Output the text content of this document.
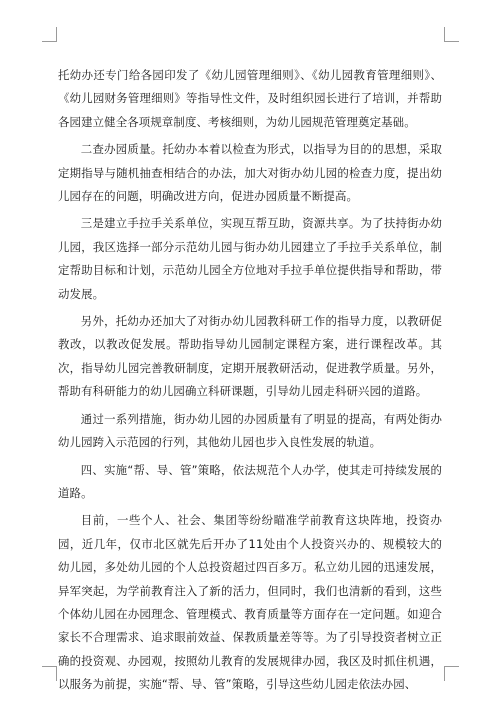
托幼办还专门给各园印发了《幼儿园管理细则》、《幼儿园教育管理细则》、《幼儿园财务管理细则》等指导性文件，及时组织园长进行了培训，并帮助各园建立健全各项规章制度、考核细则，为幼儿园规范管理奠定基础。

二查办园质量。托幼办本着以检查为形式，以指导为目的的思想，采取定期指导与随机抽查相结合的办法，加大对街办幼儿园的检查力度，提出幼儿园存在的问题，明确改进方向，促进办园质量不断提高。

三是建立手拉手关系单位，实现互帮互助，资源共享。为了扶持街办幼儿园，我区选择一部分示范幼儿园与街办幼儿园建立了手拉手关系单位，制定帮助目标和计划，示范幼儿园全方位地对手拉手单位提供指导和帮助，带动发展。

另外，托幼办还加大了对街办幼儿园教科研工作的指导力度，以教研促教改，以教改促发展。帮助指导幼儿园制定课程方案，进行课程改革。其次，指导幼儿园完善教研制度，定期开展教研活动，促进教学质量。另外，帮助有科研能力的幼儿园确立科研课题，引导幼儿园走科研兴园的道路。

通过一系列措施，街办幼儿园的办园质量有了明显的提高，有两处街办幼儿园跨入示范园的行列，其他幼儿园也步入良性发展的轨道。

四、实施“帮、导、管”策略，依法规范个人办学，使其走可持续发展的道路。

目前，一些个人、社会、集团等纷纷瞄准学前教育这块阵地，投资办园，近几年，仅市北区就先后开办了11处由个人投资兴办的、规模较大的幼儿园，多处幼儿园的个人总投资超过四百多万。私立幼儿园的迅速发展，异军突起，为学前教育注入了新的活力，但同时，我们也清新的看到，这些个体幼儿园在办园理念、管理模式、教育质量等方面存在一定问题。如迎合家长不合理需求、追求眼前效益、保教质量差等等。为了引导投资者树立正确的投资观、办园观，按照幼儿教育的发展规律办园，我区及时抓住机遇，以服务为前提，实施“帮、导、管”策略，引导这些幼儿园走依法办园、
